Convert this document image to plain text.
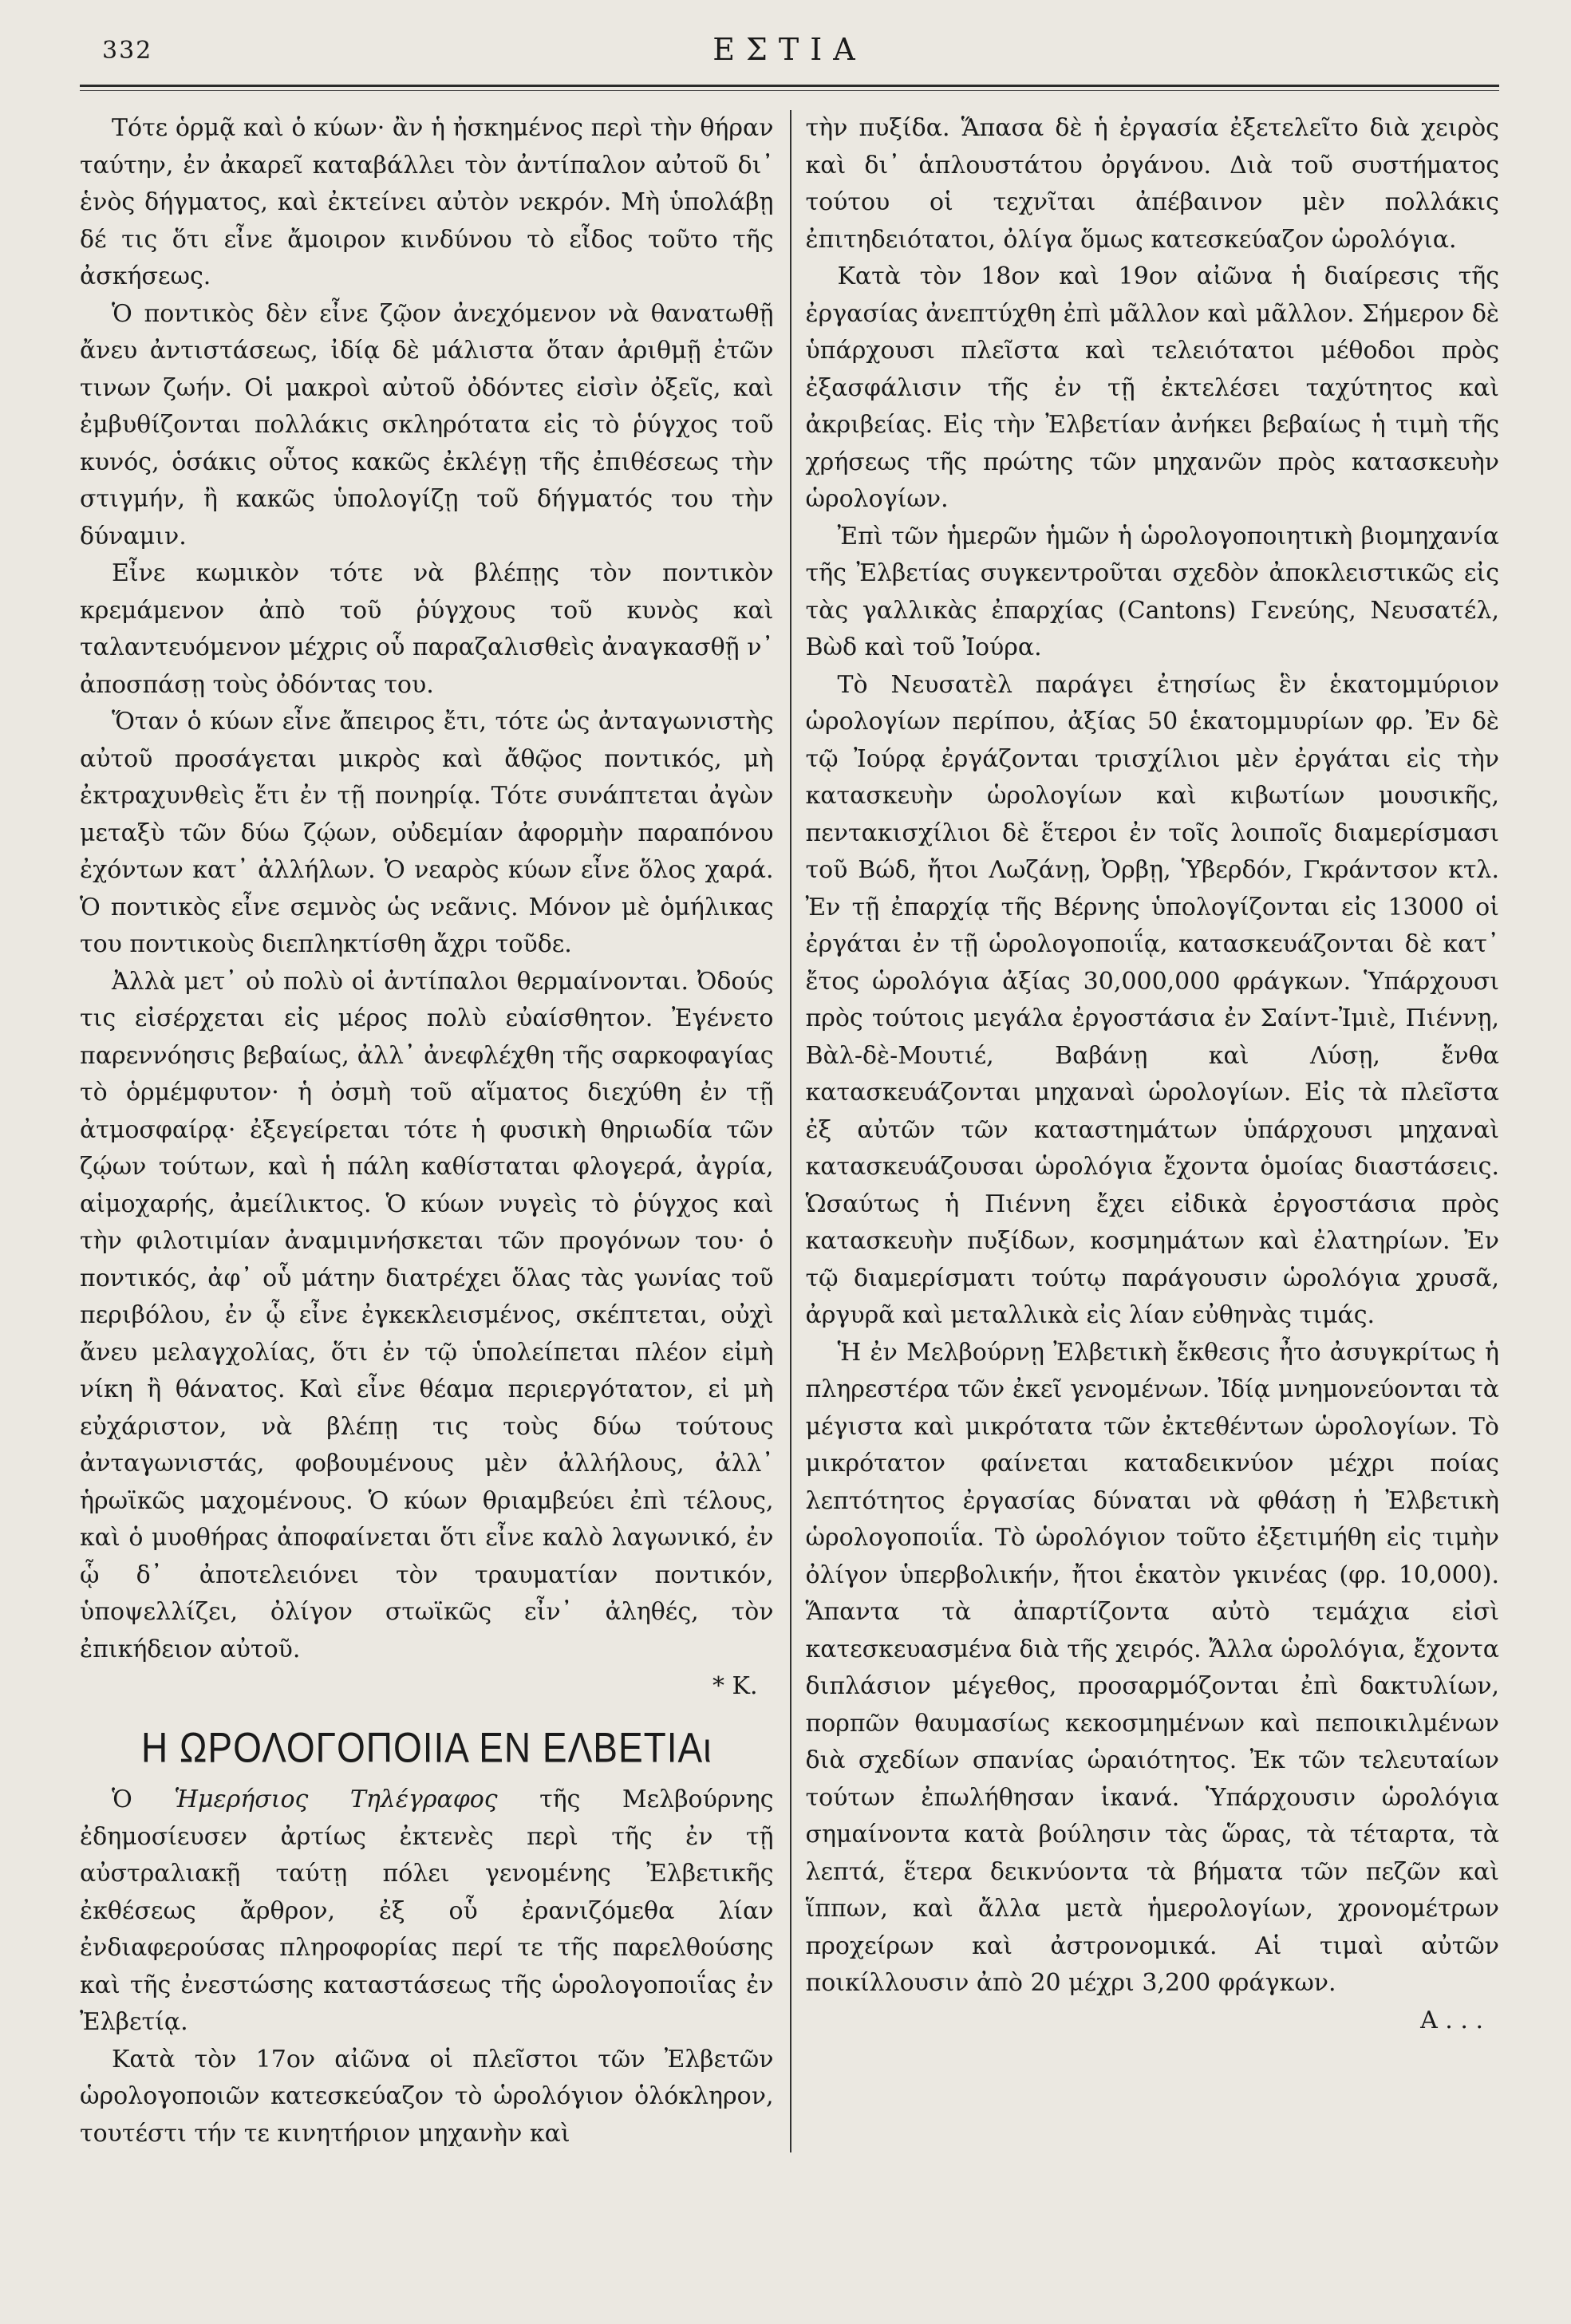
332	ΕΣΤΙΑ

Τότε ὁρμᾷ καὶ ὁ κύων· ἂν ἡ ἠσκημένος περὶ τὴν θήραν ταύτην, ἐν ἀκαρεῖ καταβάλλει τὸν ἀντίπαλον αὐτοῦ δι᾽ ἑνὸς δήγματος, καὶ ἐκτείνει αὐτὸν νεκρόν. Μὴ ὑπολάβῃ δέ τις ὅτι εἶνε ἄμοιρον κινδύνου τὸ εἶδος τοῦτο τῆς ἀσκήσεως.

Ὁ ποντικὸς δὲν εἶνε ζῷον ἀνεχόμενον νὰ θανατωθῇ ἄνευ ἀντιστάσεως, ἰδίᾳ δὲ μάλιστα ὅταν ἀριθμῇ ἐτῶν τινων ζωήν. Οἱ μακροὶ αὐτοῦ ὀδόντες εἰσὶν ὀξεῖς, καὶ ἐμβυθίζονται πολλάκις σκληρότατα εἰς τὸ ῥύγχος τοῦ κυνός, ὁσάκις οὗτος κακῶς ἐκλέγῃ τῆς ἐπιθέσεως τὴν στιγμήν, ἢ κακῶς ὑπολογίζῃ τοῦ δήγματός του τὴν δύναμιν.

Εἶνε κωμικὸν τότε νὰ βλέπῃς τὸν ποντικὸν κρεμάμενον ἀπὸ τοῦ ῥύγχους τοῦ κυνὸς καὶ ταλαντευόμενον μέχρις οὗ παραζαλισθεὶς ἀναγκασθῇ ν᾽ ἀποσπάσῃ τοὺς ὀδόντας του.

Ὅταν ὁ κύων εἶνε ἄπειρος ἔτι, τότε ὡς ἀνταγωνιστὴς αὐτοῦ προσάγεται μικρὸς καὶ ἄθῷος ποντικός, μὴ ἐκτραχυνθεὶς ἔτι ἐν τῇ πονηρίᾳ. Τότε συνάπτεται ἀγὼν μεταξὺ τῶν δύω ζῴων, οὐδεμίαν ἀφορμὴν παραπόνου ἐχόντων κατ᾽ ἀλλήλων. Ὁ νεαρὸς κύων εἶνε ὅλος χαρά. Ὁ ποντικὸς εἶνε σεμνὸς ὡς νεᾶνις. Μόνον μὲ ὁμήλικας του ποντικοὺς διεπληκτίσθη ἄχρι τοῦδε.

Ἀλλὰ μετ᾽ οὐ πολὺ οἱ ἀντίπαλοι θερμαίνονται. Ὀδούς τις εἰσέρχεται εἰς μέρος πολὺ εὐαίσθητον. Ἐγένετο παρεννόησις βεβαίως, ἀλλ᾽ ἀνεφλέχθη τῆς σαρκοφαγίας τὸ ὁρμέμφυτον· ἡ ὀσμὴ τοῦ αἵματος διεχύθη ἐν τῇ ἀτμοσφαίρᾳ· ἐξεγείρεται τότε ἡ φυσικὴ θηριωδία τῶν ζῴων τούτων, καὶ ἡ πάλη καθίσταται φλογερά, ἀγρία, αἱμοχαρής, ἀμείλικτος. Ὁ κύων νυγεὶς τὸ ῥύγχος καὶ τὴν φιλοτιμίαν ἀναμιμνήσκεται τῶν προγόνων του· ὁ ποντικός, ἀφ᾽ οὗ μάτην διατρέχει ὅλας τὰς γωνίας τοῦ περιβόλου, ἐν ᾧ εἶνε ἐγκεκλεισμένος, σκέπτεται, οὐχὶ ἄνευ μελαγχολίας, ὅτι ἐν τῷ ὑπολείπεται πλέον εἰμὴ νίκη ἢ θάνατος. Καὶ εἶνε θέαμα περιεργότατον, εἰ μὴ εὐχάριστον, νὰ βλέπῃ τις τοὺς δύω τούτους ἀνταγωνιστάς, φοβουμένους μὲν ἀλλήλους, ἀλλ᾽ ἡρωϊκῶς μαχομένους. Ὁ κύων θριαμβεύει ἐπὶ τέλους, καὶ ὁ μυοθήρας ἀποφαίνεται ὅτι εἶνε καλὸ λαγωνικό, ἐν ᾧ δ᾽ ἀποτελειόνει τὸν τραυματίαν ποντικόν, ὑποψελλίζει, ὀλίγον στωϊκῶς εἶν᾽ ἀληθές, τὸν ἐπικήδειον αὐτοῦ.

* Κ.
Η ΩΡΟΛΟΓΟΠΟΙΙΑ ΕΝ ΕΛΒΕΤΙΑι

Ὁ Ἡμερήσιος Τηλέγραφος τῆς Μελβούρνης ἐδημοσίευσεν ἀρτίως ἐκτενὲς περὶ τῆς ἐν τῇ αὐστραλιακῇ ταύτῃ πόλει γενομένης Ἐλβετικῆς ἐκθέσεως ἄρθρον, ἐξ οὗ ἐρανιζόμεθα λίαν ἐνδιαφερούσας πληροφορίας περί τε τῆς παρελθούσης καὶ τῆς ἐνεστώσης καταστάσεως τῆς ὡρολογοποιΐας ἐν Ἐλβετίᾳ.

Κατὰ τὸν 17ον αἰῶνα οἱ πλεῖστοι τῶν Ἐλβετῶν ὡρολογοποιῶν κατεσκεύαζον τὸ ὡρολόγιον ὁλόκληρον, τουτέστι τήν τε κινητήριον μηχανὴν καὶ

τὴν πυξίδα. Ἅπασα δὲ ἡ ἐργασία ἐξετελεῖτο διὰ χειρὸς καὶ δι᾽ ἁπλουστάτου ὀργάνου. Διὰ τοῦ συστήματος τούτου οἱ τεχνῖται ἀπέβαινον μὲν πολλάκις ἐπιτηδειότατοι, ὀλίγα ὅμως κατεσκεύαζον ὡρολόγια.

Κατὰ τὸν 18ον καὶ 19ον αἰῶνα ἡ διαίρεσις τῆς ἐργασίας ἀνεπτύχθη ἐπὶ μᾶλλον καὶ μᾶλλον. Σήμερον δὲ ὑπάρχουσι πλεῖστα καὶ τελειότατοι μέθοδοι πρὸς ἐξασφάλισιν τῆς ἐν τῇ ἐκτελέσει ταχύτητος καὶ ἀκριβείας. Εἰς τὴν Ἐλβετίαν ἀνήκει βεβαίως ἡ τιμὴ τῆς χρήσεως τῆς πρώτης τῶν μηχανῶν πρὸς κατασκευὴν ὡρολογίων.

Ἐπὶ τῶν ἡμερῶν ἡμῶν ἡ ὡρολογοποιητικὴ βιομηχανία τῆς Ἐλβετίας συγκεντροῦται σχεδὸν ἀποκλειστικῶς εἰς τὰς γαλλικὰς ἐπαρχίας (Cantons) Γενεύης, Νευσατέλ, Βὼδ καὶ τοῦ Ἰούρα.

Τὸ Νευσατὲλ παράγει ἐτησίως ἓν ἑκατομμύριον ὡρολογίων περίπου, ἀξίας 50 ἑκατομμυρίων φρ. Ἐν δὲ τῷ Ἰούρᾳ ἐργάζονται τρισχίλιοι μὲν ἐργάται εἰς τὴν κατασκευὴν ὡρολογίων καὶ κιβωτίων μουσικῆς, πεντακισχίλιοι δὲ ἕτεροι ἐν τοῖς λοιποῖς διαμερίσμασι τοῦ Βώδ, ἤτοι Λωζάνῃ, Ὀρβῃ, Ὑβερδόν, Γκράντσον κτλ. Ἐν τῇ ἐπαρχίᾳ τῆς Βέρνης ὑπολογίζονται εἰς 13000 οἱ ἐργάται ἐν τῇ ὡρολογοποιΐᾳ, κατασκευάζονται δὲ κατ᾽ ἔτος ὡρολόγια ἀξίας 30,000,000 φράγκων. Ὑπάρχουσι πρὸς τούτοις μεγάλα ἐργοστάσια ἐν Σαίντ-Ἰμιὲ, Πιέννῃ, Βὰλ-δὲ-Μουτιέ, Βαβάνῃ καὶ Λύσῃ, ἔνθα κατασκευάζονται μηχαναὶ ὡρολογίων. Εἰς τὰ πλεῖστα ἐξ αὐτῶν τῶν καταστημάτων ὑπάρχουσι μηχαναὶ κατασκευάζουσαι ὡρολόγια ἔχοντα ὁμοίας διαστάσεις. Ὡσαύτως ἡ Πιέννη ἔχει εἰδικὰ ἐργοστάσια πρὸς κατασκευὴν πυξίδων, κοσμημάτων καὶ ἐλατηρίων. Ἐν τῷ διαμερίσματι τούτῳ παράγουσιν ὡρολόγια χρυσᾶ, ἀργυρᾶ καὶ μεταλλικὰ εἰς λίαν εὐθηνὰς τιμάς.

Ἡ ἐν Μελβούρνῃ Ἐλβετικὴ ἔκθεσις ἦτο ἀσυγκρίτως ἡ πληρεστέρα τῶν ἐκεῖ γενομένων. Ἰδίᾳ μνημονεύονται τὰ μέγιστα καὶ μικρότατα τῶν ἐκτεθέντων ὡρολογίων. Τὸ μικρότατον φαίνεται καταδεικνύον μέχρι ποίας λεπτότητος ἐργασίας δύναται νὰ φθάσῃ ἡ Ἐλβετικὴ ὡρολογοποιΐα. Τὸ ὡρολόγιον τοῦτο ἐξετιμήθη εἰς τιμὴν ὀλίγον ὑπερβολικήν, ἤτοι ἑκατὸν γκινέας (φρ. 10,000). Ἅπαντα τὰ ἀπαρτίζοντα αὐτὸ τεμάχια εἰσὶ κατεσκευασμένα διὰ τῆς χειρός. Ἄλλα ὡρολόγια, ἔχοντα διπλάσιον μέγεθος, προσαρμόζονται ἐπὶ δακτυλίων, πορπῶν θαυμασίως κεκοσμημένων καὶ πεποικιλμένων διὰ σχεδίων σπανίας ὡραιότητος. Ἐκ τῶν τελευταίων τούτων ἐπωλήθησαν ἱκανά. Ὑπάρχουσιν ὡρολόγια σημαίνοντα κατὰ βούλησιν τὰς ὥρας, τὰ τέταρτα, τὰ λεπτά, ἕτερα δεικνύοντα τὰ βήματα τῶν πεζῶν καὶ ἵππων, καὶ ἄλλα μετὰ ἡμερολογίων, χρονομέτρων προχείρων καὶ ἀστρονομικά. Αἱ τιμαὶ αὐτῶν ποικίλλουσιν ἀπὸ 20 μέχρι 3,200 φράγκων.

Α . . .
